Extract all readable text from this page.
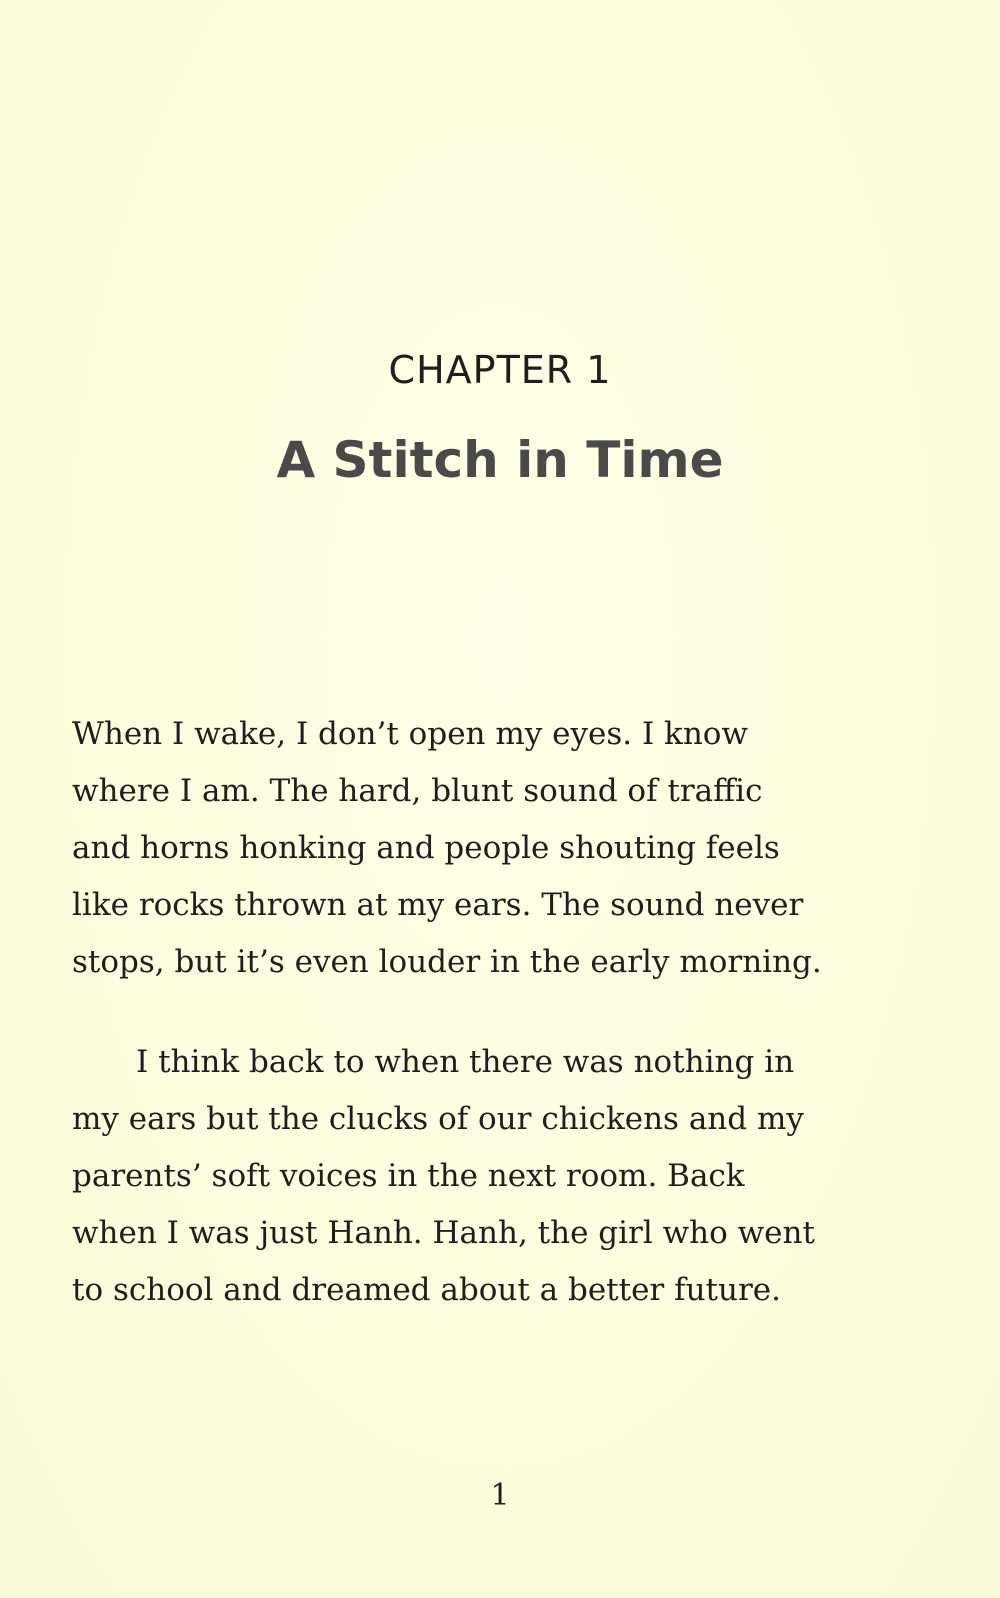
CHAPTER 1
A Stitch in Time

When I wake, I don’t open my eyes. I know
where I am. The hard, blunt sound of traffic
and horns honking and people shouting feels
like rocks thrown at my ears. The sound never
stops, but it’s even louder in the early morning.

I think back to when there was nothing in
my ears but the clucks of our chickens and my
parents’ soft voices in the next room. Back
when I was just Hanh. Hanh, the girl who went
to school and dreamed about a better future.

1
